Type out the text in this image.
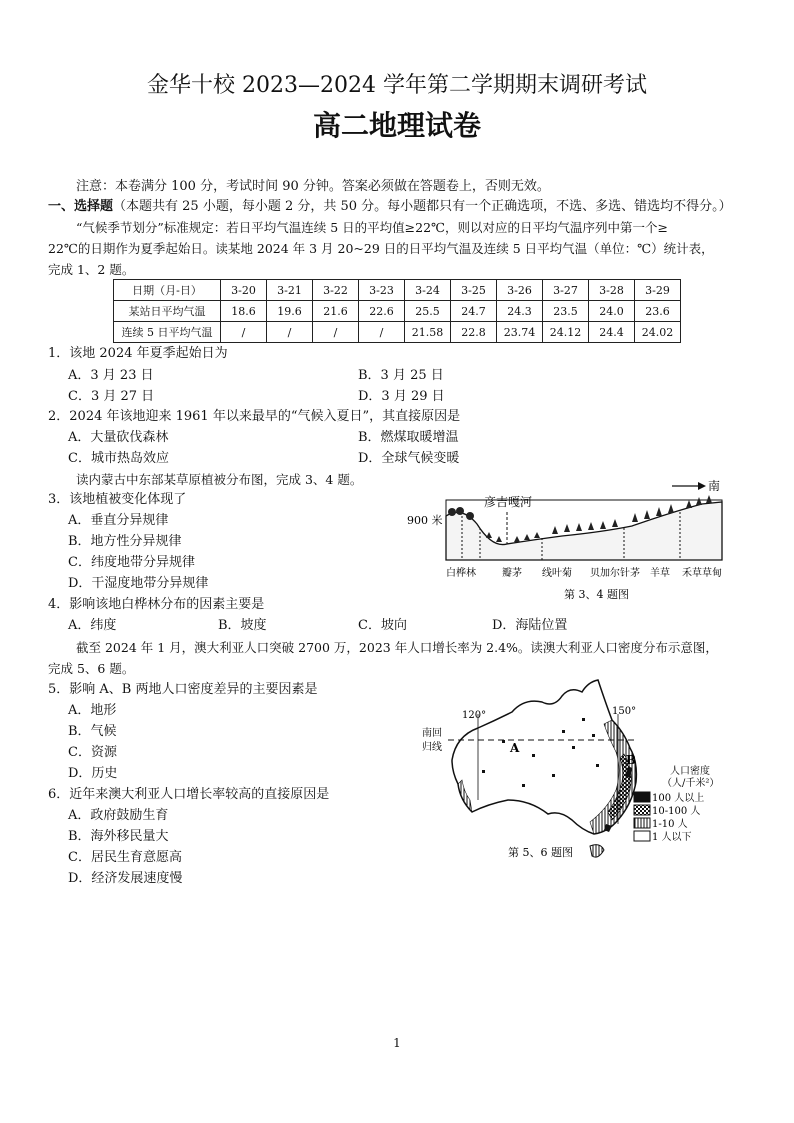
金华十校 2023—2024 学年第二学期期末调研考试
高二地理试卷
注意：本卷满分 100 分，考试时间 90 分钟。答案必须做在答题卷上，否则无效。
一、选择题（本题共有 25 小题，每小题 2 分，共 50 分。每小题都只有一个正确选项，不选、多选、错选均不得分。）
“气候季节划分”标准规定：若日平均气温连续 5 日的平均值≥22℃，则以对应的日平均气温序列中第一个≥
22℃的日期作为夏季起始日。读某地 2024 年 3 月 20~29 日的日平均气温及连续 5 日平均气温（单位：℃）统计表，
完成 1、2 题。
日期（月-日）	3-20	3-21	3-22	3-23	3-24	3-25	3-26	3-27	3-28	3-29
某站日平均气温	18.6	19.6	21.6	22.6	25.5	24.7	24.3	23.5	24.0	23.6
连续 5 日平均气温	/	/	/	/	21.58	22.8	23.74	24.12	24.4	24.02
1．该地 2024 年夏季起始日为
A．3 月 23 日	B．3 月 25 日
C．3 月 27 日	D．3 月 29 日
2．2024 年该地迎来 1961 年以来最早的“气候入夏日”，其直接原因是
A．大量砍伐森林	B．燃煤取暖增温
C．城市热岛效应	D．全球气候变暖
读内蒙古中东部某草原植被分布图，完成 3、4 题。
3．该地植被变化体现了
A．垂直分异规律
B．地方性分异规律
C．纬度地带分异规律
D．干湿度地带分异规律
4．影响该地白桦林分布的因素主要是
A．纬度	B．坡度	C．坡向	D．海陆位置
南
彦吉嘎河
900 米
白桦林	瓣茅 线叶菊 贝加尔针茅 羊草 禾草草甸
第 3、4 题图
截至 2024 年 1 月，澳大利亚人口突破 2700 万，2023 年人口增长率为 2.4%。读澳大利亚人口密度分布示意图，
完成 5、6 题。
5．影响 A、B 两地人口密度差异的主要因素是
A．地形
B．气候
C．资源
D．历史
6．近年来澳大利亚人口增长率较高的直接原因是
A．政府鼓励生育
B．海外移民量大
C．居民生育意愿高
D．经济发展速度慢
120°	150°
南回
归线	A
B
人口密度
（人/千米²）
100 人以上
10-100 人
1-10 人
1 人以下
第 5、6 题图
1
